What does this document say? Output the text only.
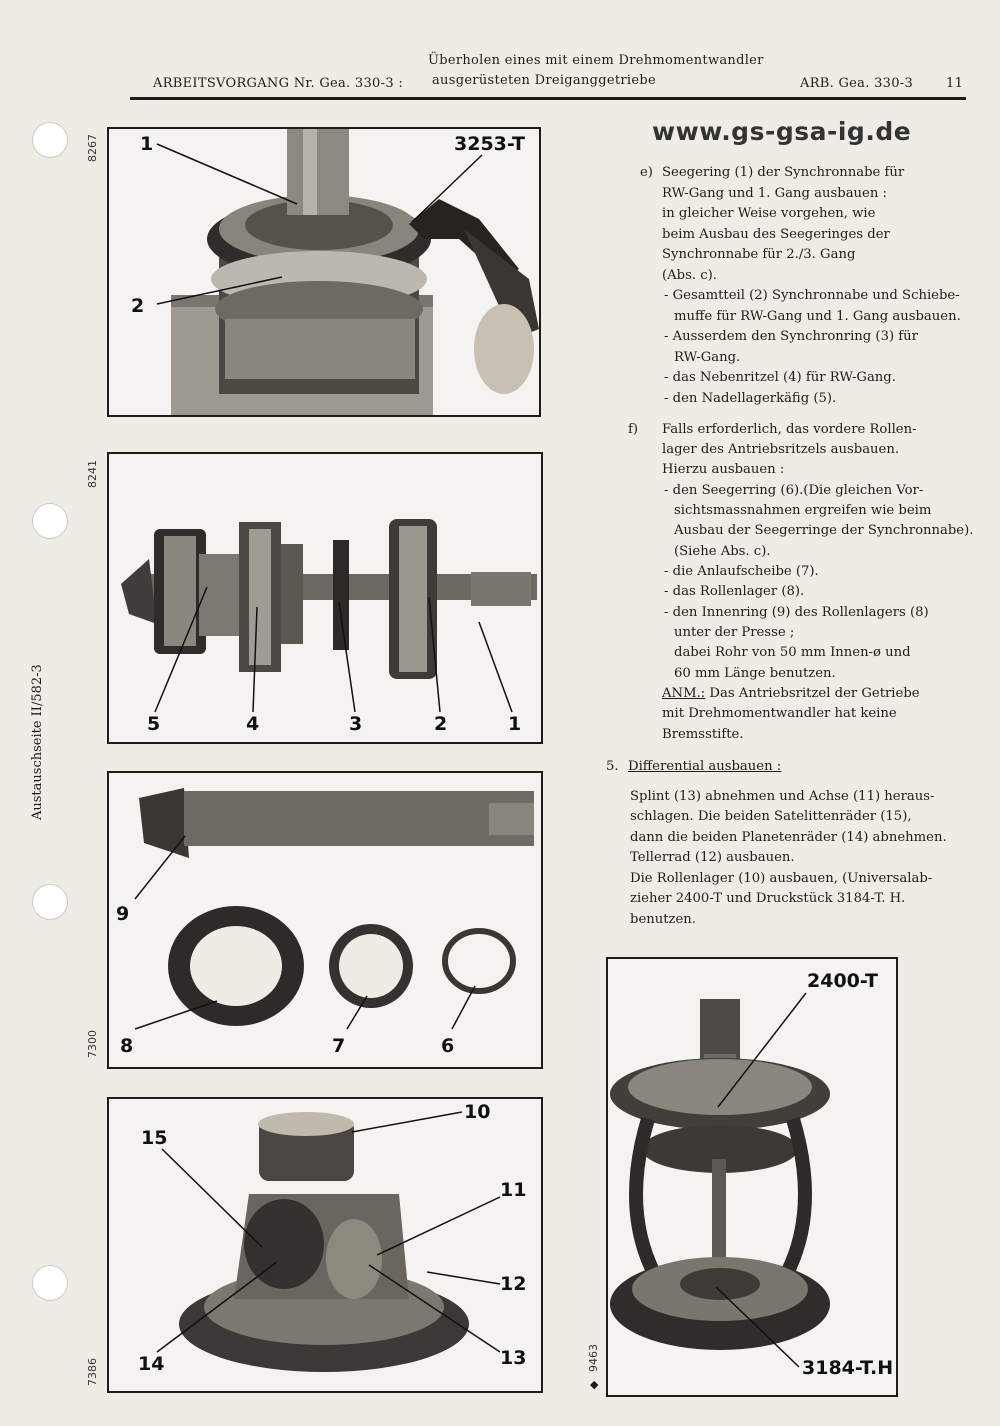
ARBEITSVORGANG Nr. Gea. 330-3 :
Überholen eines mit einem Drehmomentwandler
ausgerüsteten Dreiganggetriebe	ARB. Gea. 330-3	11
Austauschseite II/582-3
www.gs-gsa-ig.de
8267 1
2
3253-T
8241
5	4	3	2	1
7300
9
8	7	6
7386
10
15
11
12
14	13	9463
◆
2400-T
3184-T.H
e) Seegering (1) der Synchronnabe für
RW-Gang und 1. Gang ausbauen :
in gleicher Weise vorgehen, wie
beim Ausbau des Seegeringes der
Synchronnabe für 2./3. Gang
(Abs. c).
- Gesamtteil (2) Synchronnabe und Schiebe-
muffe für RW-Gang und 1. Gang ausbauen.
- Ausserdem den Synchronring (3) für
RW-Gang.
- das Nebenritzel (4) für RW-Gang.
- den Nadellagerkäfig (5).
f) Falls erforderlich, das vordere Rollen-
lager des Antriebsritzels ausbauen.
Hierzu ausbauen :
- den Seegerring (6).(Die gleichen Vor-
sichtsmassnahmen ergreifen wie beim
Ausbau der Seegerringe der Synchronnabe).
(Siehe Abs. c).
- die Anlaufscheibe (7).
- das Rollenlager (8).
- den Innenring (9) des Rollenlagers (8)
unter der Presse ;
dabei Rohr von 50 mm Innen-ø und
60 mm Länge benutzen.
ANM.: Das Antriebsritzel der Getriebe
mit Drehmomentwandler hat keine
Bremsstifte.
5. Differential ausbauen :
Splint (13) abnehmen und Achse (11) heraus-
schlagen. Die beiden Satelittenräder (15),
dann die beiden Planetenräder (14) abnehmen.
Tellerrad (12) ausbauen.
Die Rollenlager (10) ausbauen, (Universalab-
zieher 2400-T und Druckstück 3184-T. H.
benutzen.
